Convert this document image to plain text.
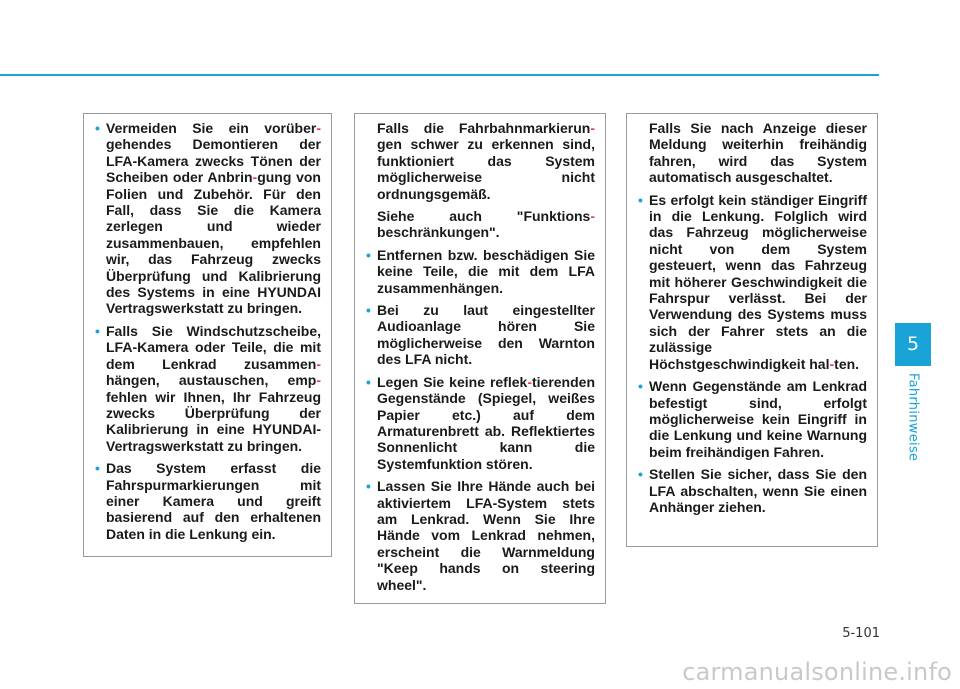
• Vermeiden Sie ein vorüber- gehendes Demontieren der LFA-Kamera zwecks Tönen der Scheiben oder Anbrin-gung von Folien und Zubehör. Für den Fall, dass Sie die Kamera zerlegen und wieder zusammenbauen, empfehlen wir, das Fahrzeug zwecks Überprüfung und Kalibrierung des Systems in eine HYUNDAI Vertragswerkstatt zu bringen.
• Falls Sie Windschutzscheibe, LFA-Kamera oder Teile, die mit dem Lenkrad zusammen-hängen, austauschen, emp-fehlen wir Ihnen, Ihr Fahrzeug zwecks Überprüfung der Kalibrierung in eine HYUNDAI-Vertragswerkstatt zu bringen.
• Das System erfasst die Fahrspurmarkierungen mit einer Kamera und greift basierend auf den erhaltenen Daten in die Lenkung ein.

Falls die Fahrbahnmarkierun-gen schwer zu erkennen sind, funktioniert das System möglicherweise nicht ordnungsgemäß.

Siehe auch "Funktions-beschränkungen".

• Entfernen bzw. beschädigen Sie keine Teile, die mit dem LFA zusammenhängen.
• Bei zu laut eingestellter Audioanlage hören Sie möglicherweise den Warnton des LFA nicht.
• Legen Sie keine reflek-tierenden Gegenstände (Spiegel, weißes Papier etc.) auf dem Armaturenbrett ab. Reflektiertes Sonnenlicht kann die Systemfunktion stören.
• Lassen Sie Ihre Hände auch bei aktiviertem LFA-System stets am Lenkrad. Wenn Sie Ihre Hände vom Lenkrad nehmen, erscheint die Warnmeldung "Keep hands on steering wheel".

Falls Sie nach Anzeige dieser Meldung weiterhin freihändig fahren, wird das System automatisch ausgeschaltet.

• Es erfolgt kein ständiger Eingriff in die Lenkung. Folglich wird das Fahrzeug möglicherweise nicht von dem System gesteuert, wenn das Fahrzeug mit höherer Geschwindigkeit die Fahrspur verlässt. Bei der Verwendung des Systems muss sich der Fahrer stets an die zulässige Höchstgeschwindigkeit hal-ten.
• Wenn Gegenstände am Lenkrad befestigt sind, erfolgt möglicherweise kein Eingriff in die Lenkung und keine Warnung beim freihändigen Fahren.
• Stellen Sie sicher, dass Sie den LFA abschalten, wenn Sie einen Anhänger ziehen.
5
Fahrhinweise
5-101
carmanualsonline.info
